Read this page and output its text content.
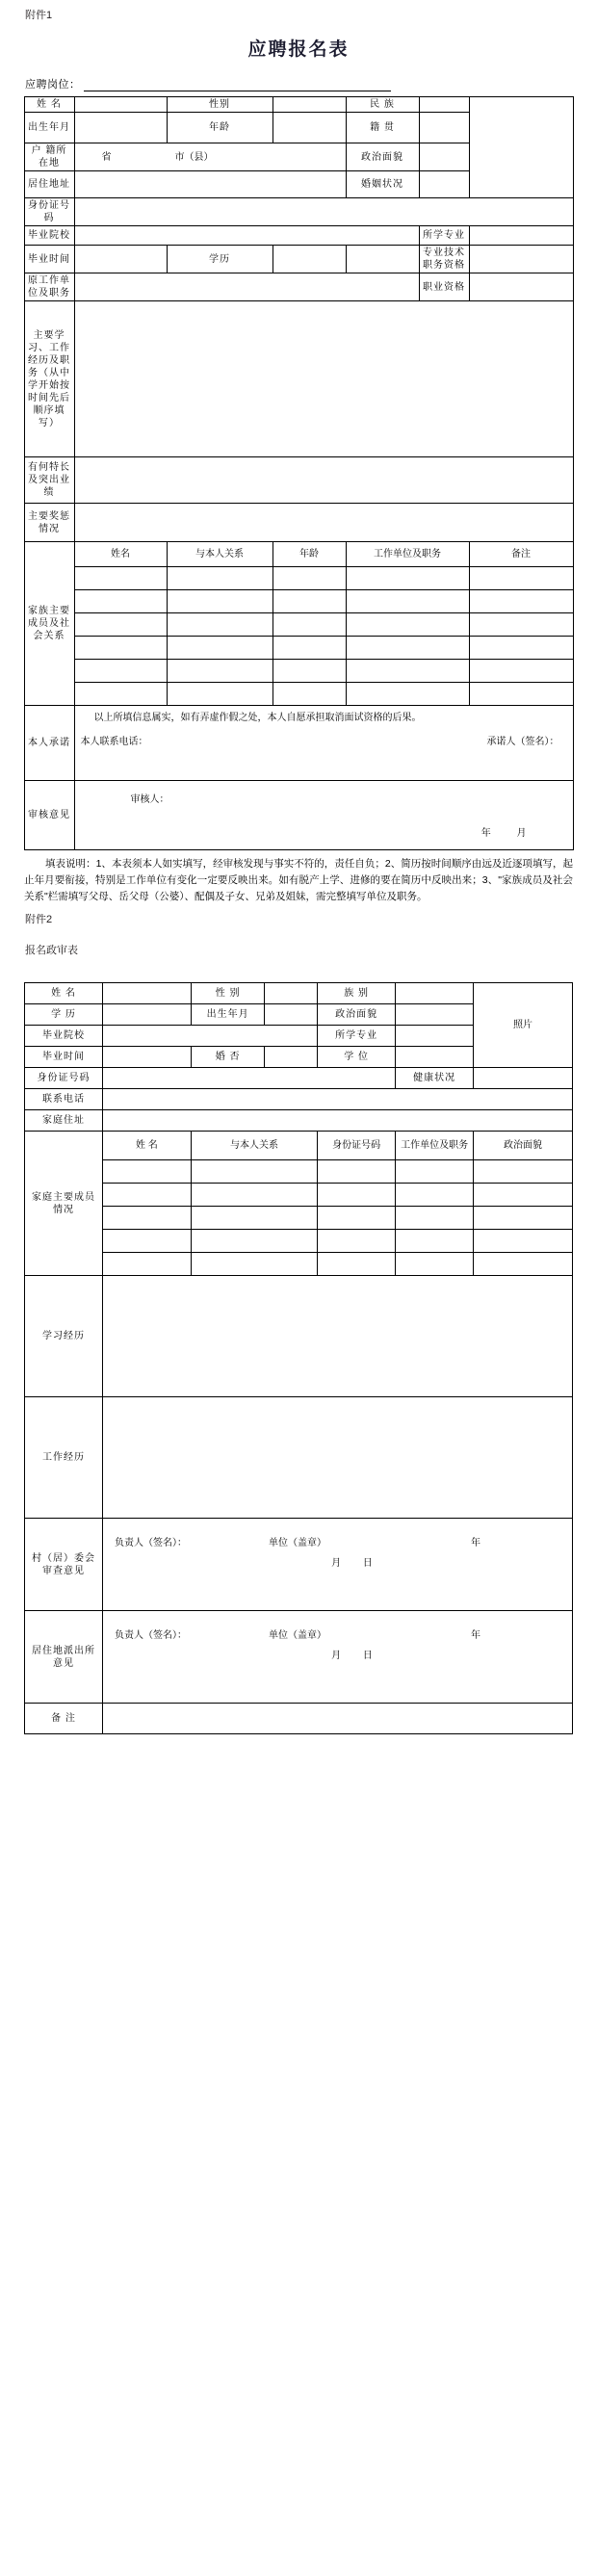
附件1
应聘报名表
应聘岗位：
姓 名		性别		民 族		
出生年月		年龄		籍 贯		
户 籍所在地	省 市（县）			政治面貌		
居住地址				婚姻状况		
身份证号码						
毕业院校					所学专业	
毕业时间		学历			专业技术职务资格	
原工作单位及职务					职业资格	
主要学习、工作经历及职务（从中学开始按时间先后顺序填写）						
有何特长及突出业绩						
主要奖惩情况						
家族主要成员及社会关系	姓名	与本人关系	年龄	工作单位及职务		备注

本人承诺	以上所填信息属实，如有弄虚作假之处，本人自愿承担取消面试资格的后果。
本人联系电话： 承诺人（签名）：					

审核意见	审核人：
年 月					
填表说明：1、本表须本人如实填写，经审核发现与事实不符的，责任自负；2、简历按时间顺序由远及近逐项填写，起止年月要衔接，特别是工作单位有变化一定要反映出来。如有脱产上学、进修的要在简历中反映出来；3、"家族成员及社会关系"栏需填写父母、岳父母（公婆）、配偶及子女、兄弟及姐妹，需完整填写单位及职务。
附件2
报名政审表
姓 名		性 别		族 别		照片
学 历		出生年月		政治面貌		
毕业院校				所学专业		
毕业时间		婚 否		学 位		
身份证号码					健康状况	
联系电话						
家庭住址						
家庭主要成员情况	姓 名	与本人关系		身份证号码	工作单位及职务	政治面貌

学习经历						
工作经历						
村（居）委会审查意见	负责人（签名）： 单位（盖章） 年
月 日					

居住地派出所意见	负责人（签名）： 单位（盖章） 年
月 日					

备 注						
